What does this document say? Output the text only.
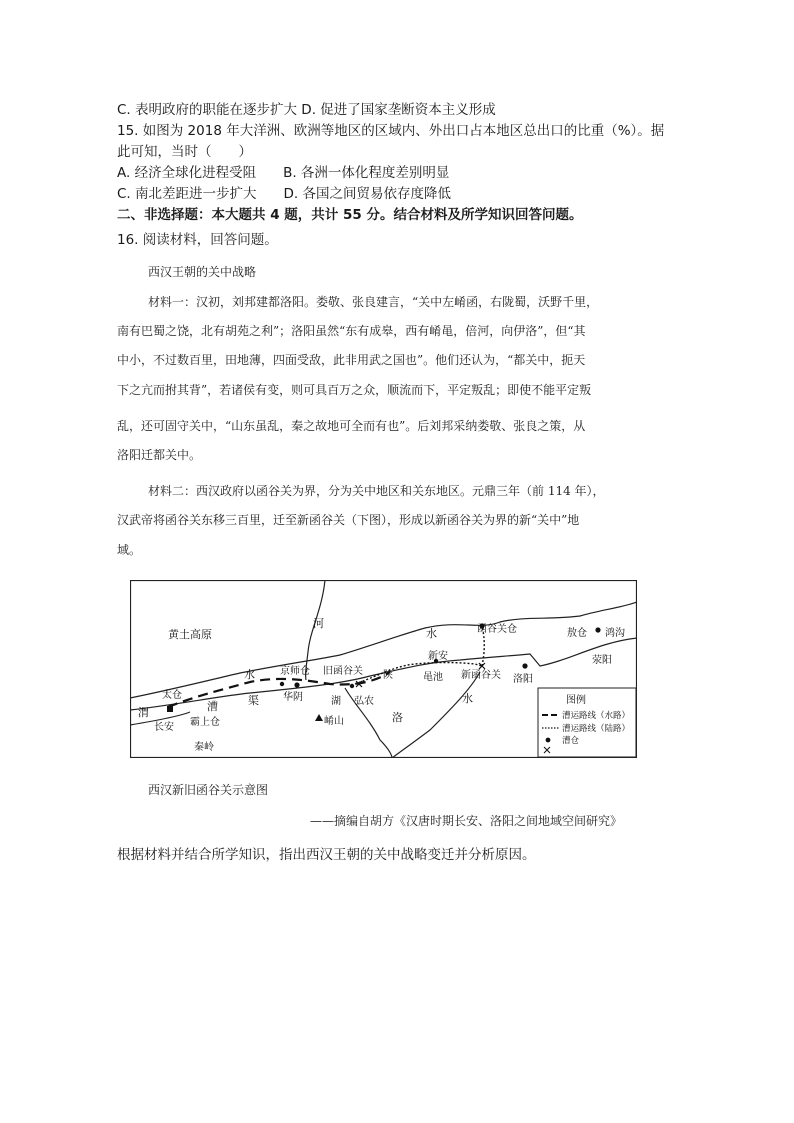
C. 表明政府的职能在逐步扩大 D. 促进了国家垄断资本主义形成
15. 如图为 2018 年大洋洲、欧洲等地区的区域内、外出口占本地区总出口的比重（%）。据
此可知，当时（　　）
A. 经济全球化进程受阻　　B. 各洲一体化程度差别明显
C. 南北差距进一步扩大　　D. 各国之间贸易依存度降低
二、非选择题：本大题共 4 题，共计 55 分。结合材料及所学知识回答问题。
16. 阅读材料，回答问题。
西汉王朝的关中战略
材料一：汉初，刘邦建都洛阳。娄敬、张良建言，“关中左崤函，右陇蜀，沃野千里，
南有巴蜀之饶，北有胡苑之利”；洛阳虽然“东有成皋，西有崤黾，倍河，向伊洛”，但“其
中小，不过数百里，田地薄，四面受敌，此非用武之国也”。他们还认为，“都关中，扼天
下之亢而拊其背”，若诸侯有变，则可具百万之众，顺流而下，平定叛乱；即使不能平定叛
乱，还可固守关中，“山东虽乱，秦之故地可全而有也”。后刘邦采纳娄敬、张良之策，从
洛阳迁都关中。
材料二：西汉政府以函谷关为界，分为关中地区和关东地区。元鼎三年（前 114 年），
汉武帝将函谷关东移三百里，迁至新函谷关（下图），形成以新函谷关为界的新“关中”地
域。
黄土高原
河
水	函谷关仓	敖仓 鸿沟
荥阳
水	京师仓 旧函谷关
新安
太仓	渠
陕	黾池 新函谷关 洛阳
渭	漕
华阴	湖 弘农	水
长安 霸上仓	崤山	洛
秦岭
图例
漕运路线（水路）
漕运路线（陆路）
漕仓
西汉新旧函谷关示意图
——摘编自胡方《汉唐时期长安、洛阳之间地域空间研究》
根据材料并结合所学知识，指出西汉王朝的关中战略变迁并分析原因。
